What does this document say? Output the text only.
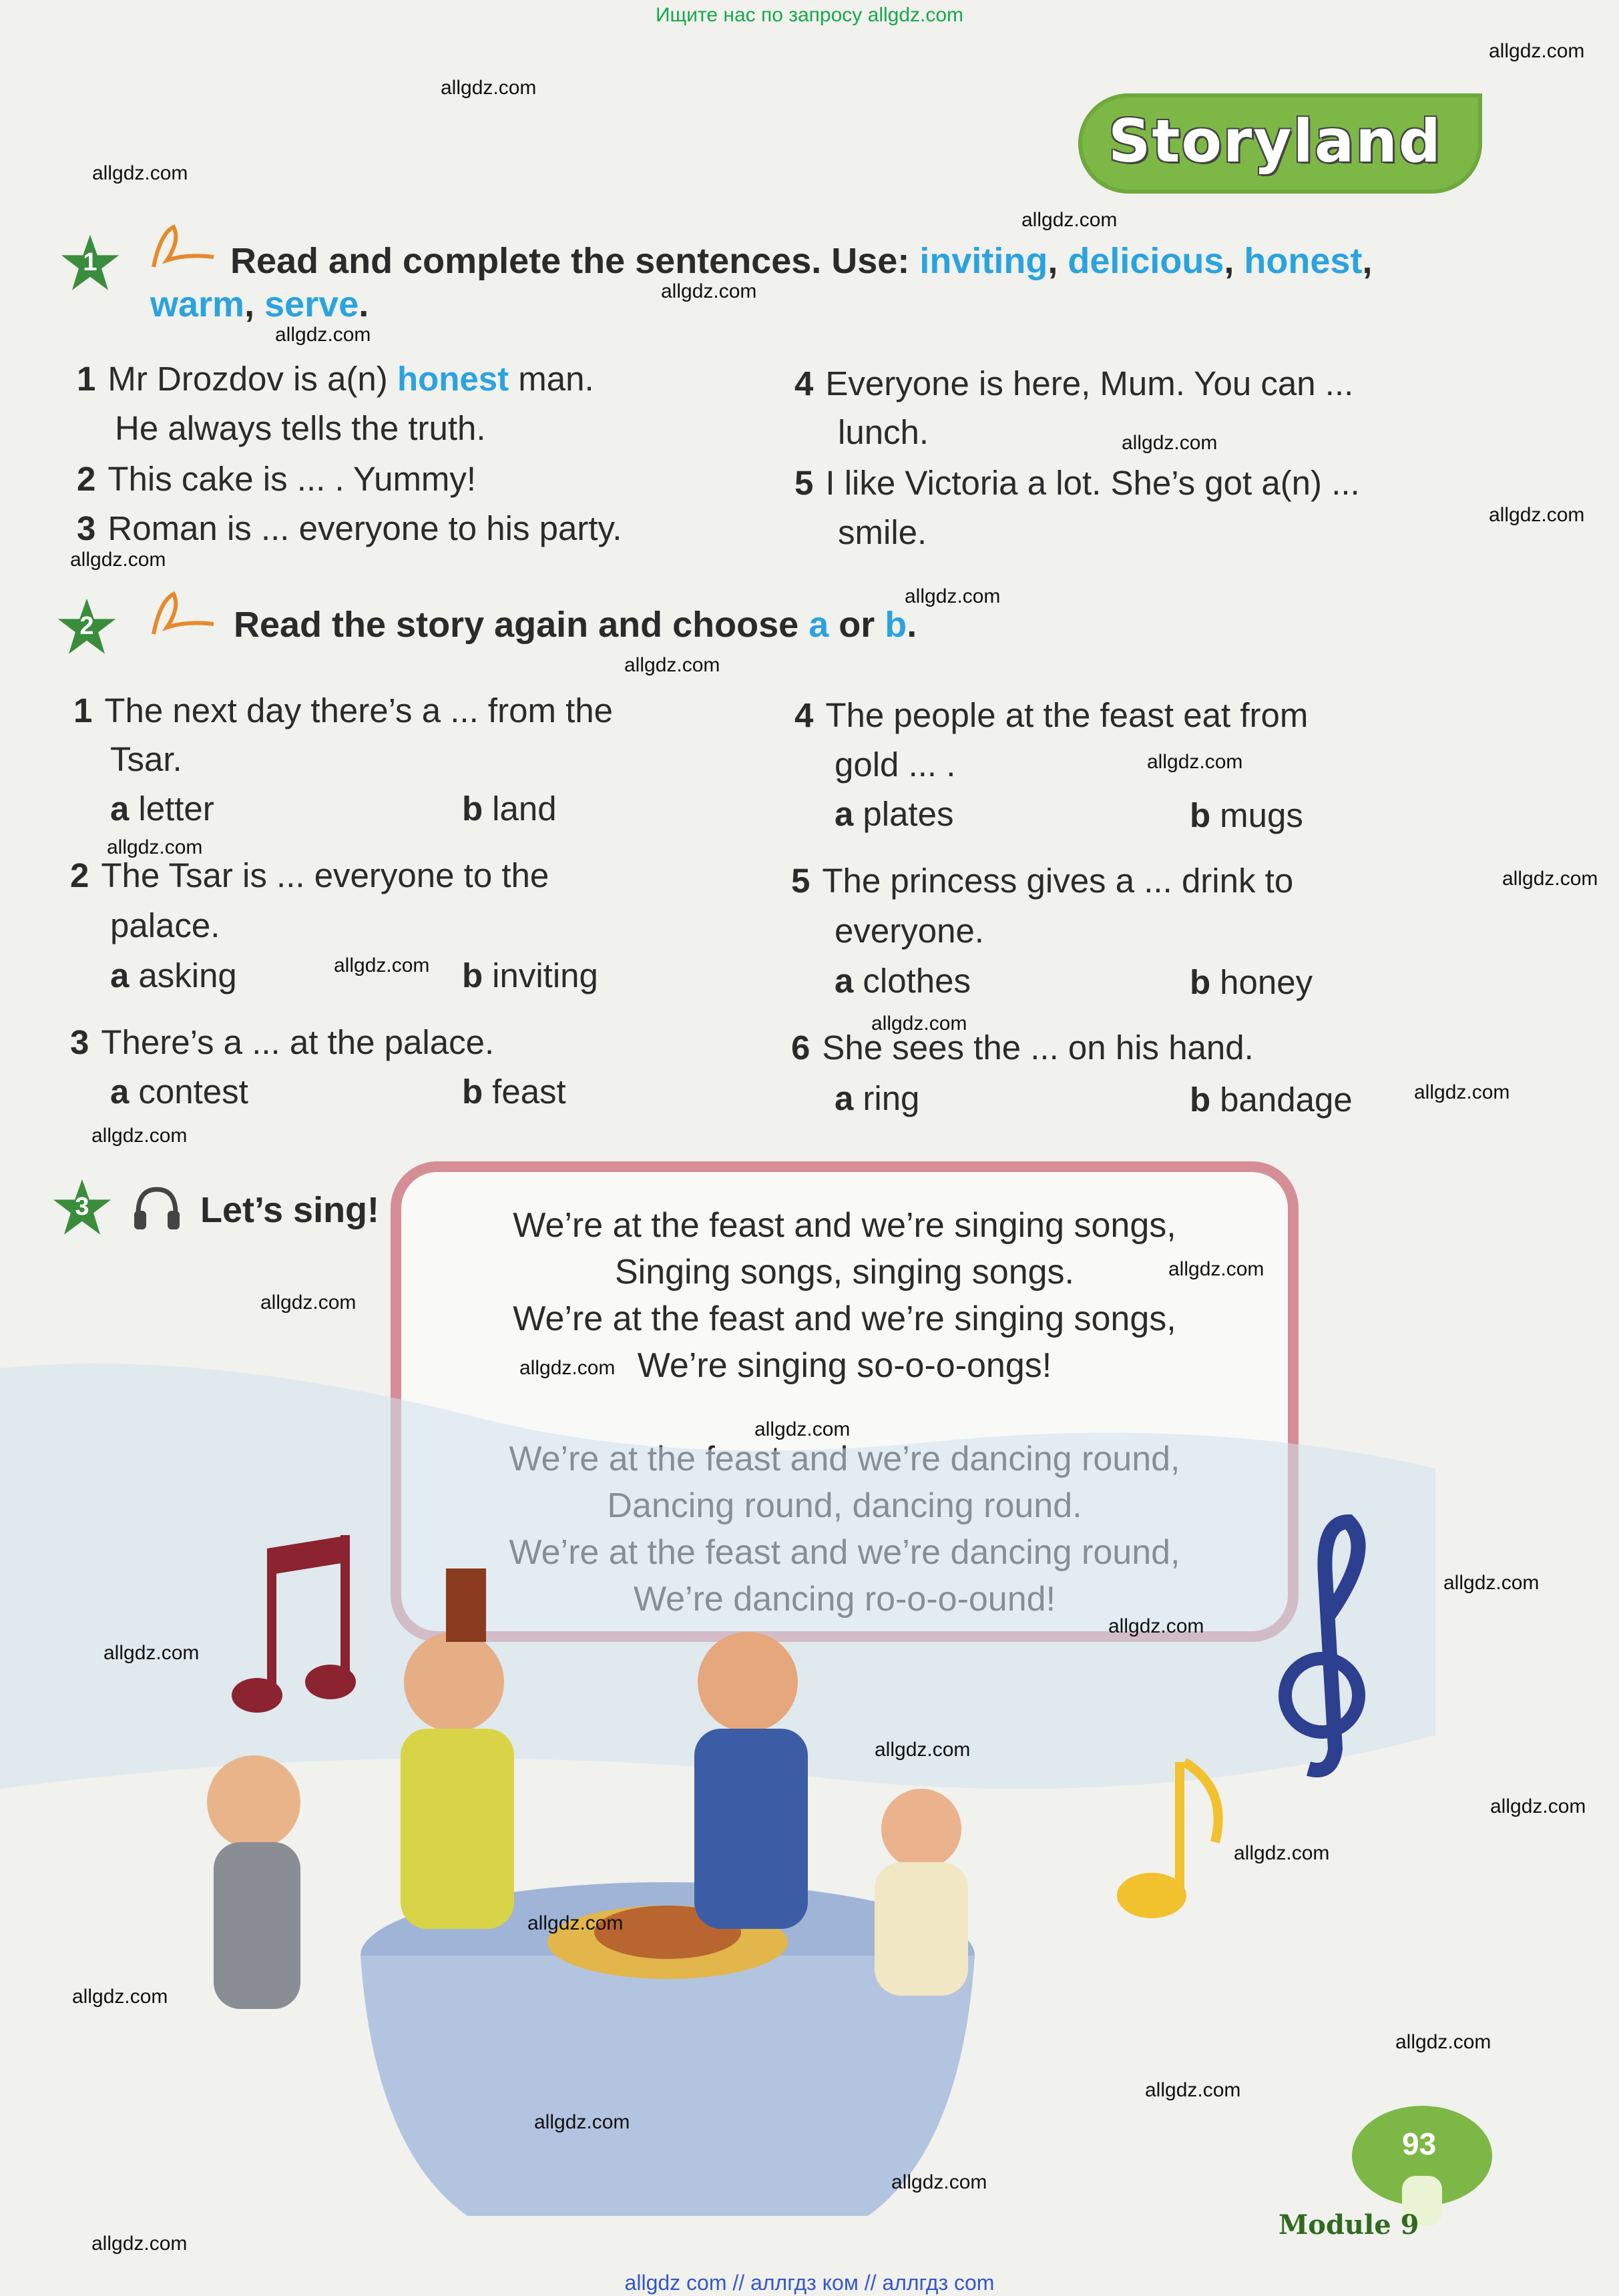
Ищите нас по запросу allgdz.com
allgdz com // аллгдз ком // аллгдз com
Storyland
1	Read and complete the sentences. Use: inviting, delicious, honest,
warm, serve.
1 Mr Drozdov is a(n) honest man.
He always tells the truth.
2 This cake is ... . Yummy!
3 Roman is ... everyone to his party.
4 Everyone is here, Mum. You can ...
lunch.
5 I like Victoria a lot. She’s got a(n) ...
smile.
2	Read the story again and choose a or b.
1 The next day there’s a ... from the
Tsar.
a letter	b land
2 The Tsar is ... everyone to the
palace.
a asking	b inviting
3 There’s a ... at the palace.
a contest	b feast
4 The people at the feast eat from
gold ... .
a plates	b mugs
5 The princess gives a ... drink to
everyone.
a clothes	b honey
6 She sees the ... on his hand.
a ring	b bandage
3	Let’s sing!	We’re at the feast and we’re singing songs,
Singing songs, singing songs.
We’re at the feast and we’re singing songs,
We’re singing so-o-o-ongs!
93
Module 9
allgdz.com
allgdz.com
allgdz.com
allgdz.com
allgdz.com
allgdz.com
allgdz.com
allgdz.com
allgdz.com
allgdz.com
allgdz.com
allgdz.com
allgdz.com
allgdz.com
allgdz.com
allgdz.com
allgdz.com
allgdz.com
allgdz.com
allgdz.com
allgdz.com
allgdz.com
allgdz.com
allgdz.com
allgdz.com
allgdz.com
allgdz.com
allgdz.com
allgdz.com
allgdz.com
allgdz.com
allgdz.com
allgdz.com
allgdz.com
allgdz.com
